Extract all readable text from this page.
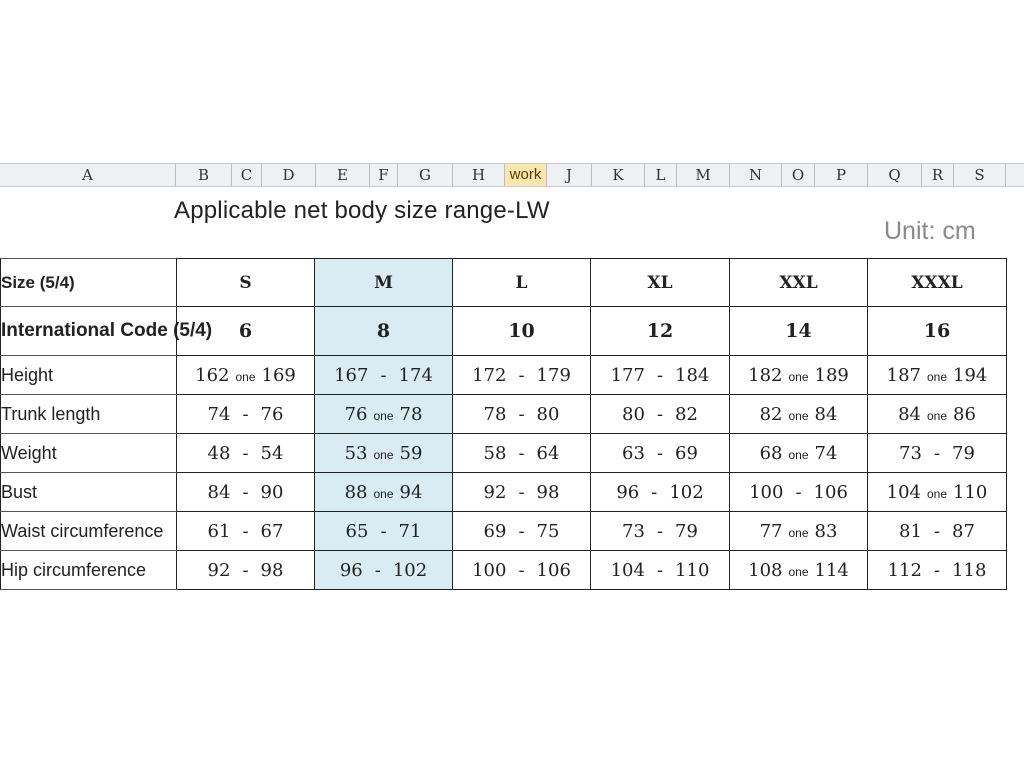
A	B	C	D	E	F	G	H	work	J	K	L	M	N	O	P	Q	R	S
Applicable net body size range-LW
Unit: cm
Size (5/4)	S	M	L	XL	XXL	XXXL
International Code (5/4)	6	8	10	12	14	16
Height	162 one 169	167 - 174	172 - 179	177 - 184	182 one 189	187 one 194
Trunk length	74 - 76	76 one 78	78 - 80	80 - 82	82 one 84	84 one 86
Weight	48 - 54	53 one 59	58 - 64	63 - 69	68 one 74	73 - 79
Bust	84 - 90	88 one 94	92 - 98	96 - 102	100 - 106	104 one 110
Waist circumference	61 - 67	65 - 71	69 - 75	73 - 79	77 one 83	81 - 87
Hip circumference	92 - 98	96 - 102	100 - 106	104 - 110	108 one 114	112 - 118
